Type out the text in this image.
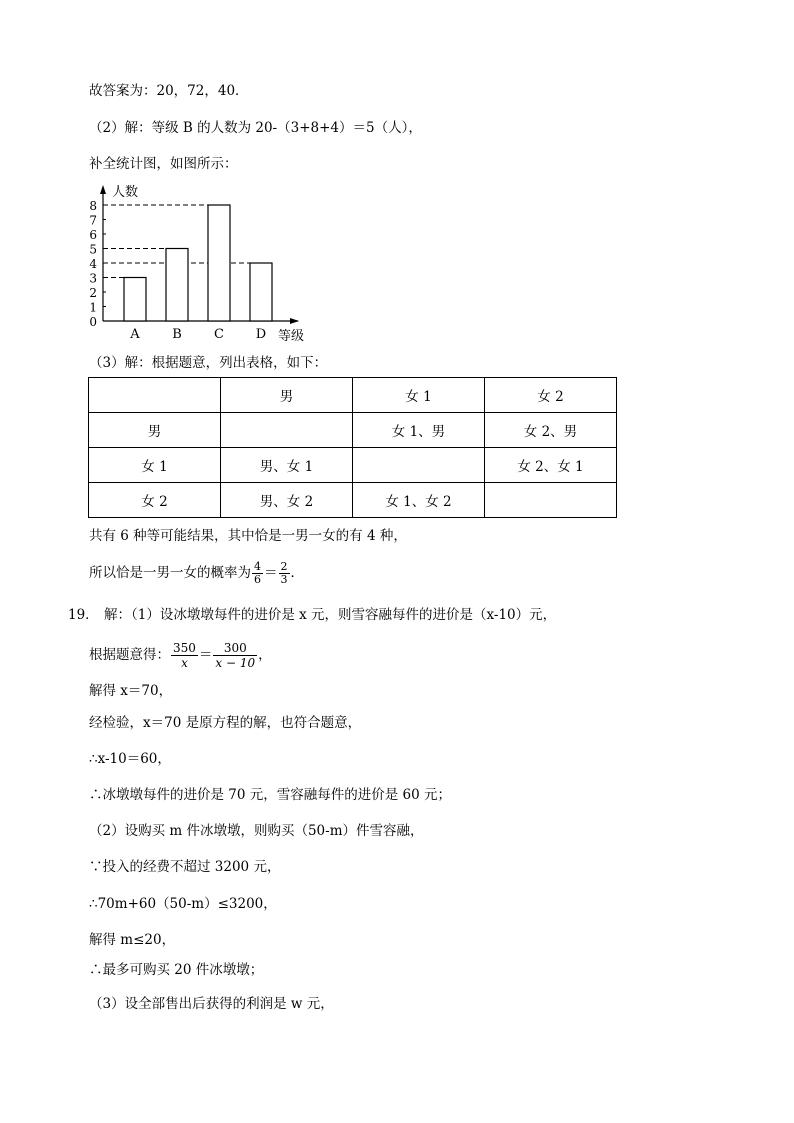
故答案为：20，72，40．
（2）解：等级 B 的人数为 20-（3+8+4）＝5（人），
补全统计图，如图所示：
0
1
2
3
4
5
6
7
8
人数
A	B C D 等级
（3）解：根据题意，列出表格，如下：
	男	女 1	女 2
男		女 1、男	女 2、男
女 1	男、女 1		女 2、女 1
女 2	男、女 2	女 1、女 2	
共有 6 种等可能结果，其中恰是一男一女的有 4 种，
所以恰是一男一女的概率为 $\frac{4}{6} = \frac{2}{3}$ ．
19． 解：（1）设冰墩墩每件的进价是 x 元，则雪容融每件的进价是（x-10）元，
根据题意得： $\frac{350}{x} = \frac{300}{x - 10}$ ，
解得 x＝70，
经检验，x＝70 是原方程的解，也符合题意，
∴x-10＝60，
∴冰墩墩每件的进价是 70 元，雪容融每件的进价是 60 元；
（2）设购买 m 件冰墩墩，则购买（50-m）件雪容融，
∵投入的经费不超过 3200 元，
∴70m+60（50-m）≤3200，
解得 m≤20，
∴最多可购买 20 件冰墩墩；
（3）设全部售出后获得的利润是 w 元，
